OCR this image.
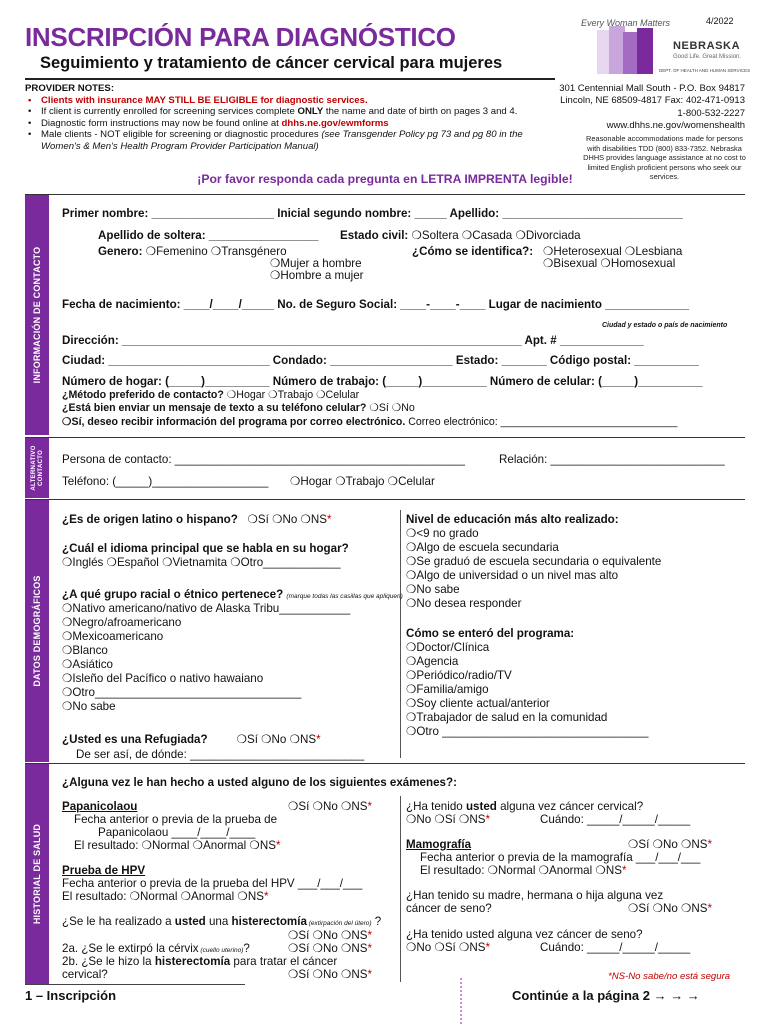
4/2022
INSCRIPCIÓN PARA DIAGNÓSTICO
Seguimiento y tratamiento de cáncer cervical para mujeres
Every Woman Matters
NEBRASKA
Good Life. Great Mission.
DEPT. OF HEALTH AND HUMAN SERVICES
PROVIDER NOTES:
• Clients with insurance MAY STILL BE ELIGIBLE for diagnostic services.
• If client is currently enrolled for screening services complete ONLY the name and date of birth on pages 3 and 4.
• Diagnostic form instructions may now be found online at dhhs.ne.gov/ewmforms
• Male clients - NOT eligible for screening or diagnostic procedures (see Transgender Policy pg 73 and pg 80 in the Women's & Men's Health Program Provider Participation Manual)
301 Centennial Mall South - P.O. Box 94817
Lincoln, NE 68509-4817 Fax: 402-471-0913
1-800-532-2227
www.dhhs.ne.gov/womenshealth
Reasonable accommodations made for persons with disabilities TDD (800) 833-7352. Nebraska DHHS provides language assistance at no cost to limited English proficient persons who seek our services.
¡Por favor responda cada pregunta en LETRA IMPRENTA legible!
INFORMACIÓN DE CONTACTO
Primer nombre: ___________________ Inicial segundo nombre: _____ Apellido: ____________________________
Apellido de soltera: _________________ Estado civil: ❍Soltera ❍Casada ❍Divorciada
Genero: ❍Femenino ❍Transgénero
❍Mujer a hombre
❍Hombre a mujer
¿Cómo se identifica?: ❍Heterosexual ❍Lesbiana
❍Bisexual ❍Homosexual
Fecha de nacimiento: ____/____/_____ No. de Seguro Social: ____-____-____ Lugar de nacimiento _____________
Ciudad y estado o país de nacimiento
Dirección: ______________________________________________________________ Apt. # _____________
Ciudad: _________________________ Condado: ___________________ Estado: _______ Código postal: __________
Número de hogar: (_____)__________ Número de trabajo: (_____)__________ Número de celular: (_____)__________
¿Método preferido de contacto? ❍Hogar ❍Trabajo ❍Celular
¿Está bien enviar un mensaje de texto a su teléfono celular? ❍Sí ❍No
❍Sí, deseo recibir información del programa por correo electrónico. Correo electrónico: ______________________________
ALTERNATIVO CONTACTO Persona de contacto: _____________________________________________	Relación: ___________________________
Teléfono: (_____)__________________ ❍Hogar ❍Trabajo ❍Celular
DATOS DEMOGRÁFICOS
¿Es de origen latino o hispano? ❍Sí ❍No ❍NS*
¿Cuál el idioma principal que se habla en su hogar?
❍Inglés ❍Español ❍Vietnamita ❍Otro____________
¿A qué grupo racial o étnico pertenece? (marque todas las casillas que apliquen)
❍Nativo americano/nativo de Alaska Tribu___________
❍Negro/afroamericano
❍Mexicoamericano
❍Blanco
❍Asiático
❍Isleño del Pacífico o nativo hawaiano
❍Otro________________________________
❍No sabe
¿Usted es una Refugiada?	❍Sí ❍No ❍NS*
De ser así, de dónde: ___________________________
Nivel de educación más alto realizado:
❍<9 no grado
❍Algo de escuela secundaria
❍Se graduó de escuela secundaria o equivalente
❍Algo de universidad o un nivel mas alto
❍No sabe
❍No desea responder
Cómo se enteró del programa:
❍Doctor/Clínica
❍Agencia
❍Periódico/radio/TV
❍Familia/amigo
❍Soy cliente actual/anterior
❍Trabajador de salud en la comunidad
❍Otro ________________________________
HISTORIAL DE SALUD
¿Alguna vez le han hecho a usted alguno de los siguientes exámenes?:
Papanicolaou	❍Sí ❍No ❍NS*
Fecha anterior o previa de la prueba de
Papanicolaou ____/____/____
El resultado: ❍Normal ❍Anormal ❍NS*
Prueba de HPV
Fecha anterior o previa de la prueba del HPV ___/___/___
El resultado: ❍Normal ❍Anormal ❍NS*
¿Se le ha realizado a usted una histerectomía (extirpación del útero) ?
❍Sí ❍No ❍NS*
2a. ¿Se le extirpó la cérvix (cuello uterino)?	❍Sí ❍No ❍NS*
2b. ¿Se le hizo la histerectomía para tratar el cáncer
cervical?	❍Sí ❍No ❍NS*
¿Ha tenido usted alguna vez cáncer cervical?
❍No ❍Sí ❍NS*	Cuándo: _____/_____/_____
Mamografía	❍Sí ❍No ❍NS*
Fecha anterior o previa de la mamografía ___/___/___
El resultado: ❍Normal ❍Anormal ❍NS*
¿Han tenido su madre, hermana o hija alguna vez
cáncer de seno?	❍Sí ❍No ❍NS*
¿Ha tenido usted alguna vez cáncer de seno?
❍No ❍Sí ❍NS*	Cuándo: _____/_____/_____
*NS-No sabe/no está segura
1 – Inscripción	Continúe a la página 2 → → →
